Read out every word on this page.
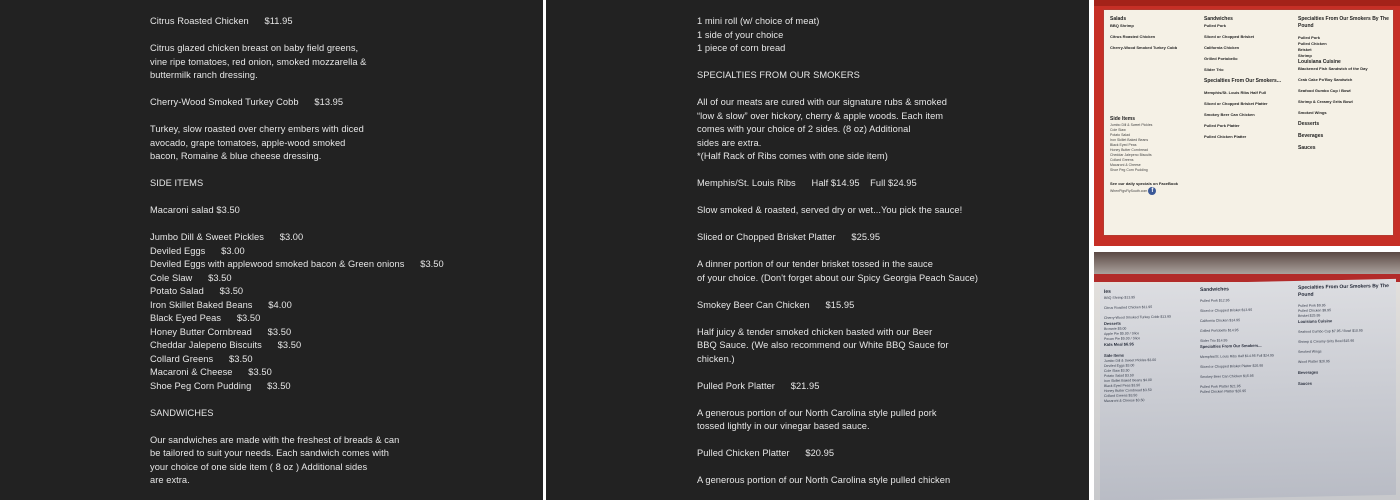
Citrus Roasted Chicken      $11.95
Citrus glazed chicken breast on baby field greens,
vine ripe tomatoes, red onion, smoked mozzarella &
buttermilk ranch dressing.
Cherry-Wood Smoked Turkey Cobb      $13.95
Turkey, slow roasted over cherry embers with diced
avocado, grape tomatoes, apple-wood smoked
bacon, Romaine & blue cheese dressing.
SIDE ITEMS
Macaroni salad $3.50
Jumbo Dill & Sweet Pickles      $3.00
Deviled Eggs      $3.00
Deviled Eggs with applewood smoked bacon & Green onions      $3.50
Cole Slaw      $3.50
Potato Salad      $3.50
Iron Skillet Baked Beans      $4.00
Black Eyed Peas      $3.50
Honey Butter Cornbread      $3.50
Cheddar Jalepeno Biscuits      $3.50
Collard Greens      $3.50
Macaroni & Cheese      $3.50
Shoe Peg Corn Pudding      $3.50
SANDWICHES
Our sandwiches are made with the freshest of breads & can
be tailored to suit your needs. Each sandwich comes with
your choice of one side item ( 8 oz ) Additional sides
are extra.
1 mini roll (w/ choice of meat)
1 side of your choice
1 piece of corn bread
SPECIALTIES FROM OUR SMOKERS
All of our meats are cured with our signature rubs & smoked
“low & slow” over hickory, cherry & apple woods. Each item
comes with your choice of 2 sides. (8 oz) Additional
sides are extra.
*(Half Rack of Ribs comes with one side item)
Memphis/St. Louis Ribs      Half $14.95    Full $24.95
Slow smoked & roasted, served dry or wet...You pick the sauce!
Sliced or Chopped Brisket Platter      $25.95
A dinner portion of our tender brisket tossed in the sauce
of your choice. (Don't forget about our Spicy Georgia Peach Sauce)
Smokey Beer Can Chicken      $15.95
Half juicy & tender smoked chicken basted with our Beer
BBQ Sauce. (We also recommend our White BBQ Sauce for
chicken.)
Pulled Pork Platter      $21.95
A generous portion of our North Carolina style pulled pork
tossed lightly in our vinegar based sauce.
Pulled Chicken Platter      $20.95
A generous portion of our North Carolina style pulled chicken
Salads
BBQ Shrimp

Citrus Roasted Chicken

Cherry-Wood Smoked Turkey Cobb

Side Items
Jumbo Dill & Sweet Pickles
Cole Slaw
Potato Salad
Iron Skillet Baked Beans
Black Eyed Peas
Honey Butter Cornbread
Cheddar Jalepeno Biscuits
Collard Greens
Macaroni & Cheese
Shoe Peg Corn Pudding
See our daily specials on FaceBook
WhenPigsFlySouth.com f
Sandwiches
Pulled Pork

Sliced or Chopped Brisket

California Chicken

Grilled Portobello

Slider Trio

Specialties From Our Smokers...

Memphis/St. Louis Ribs Half Full

Sliced or Chopped Brisket Platter

Smokey Beer Can Chicken

Pulled Pork Platter

Pulled Chicken Platter
Specialties From Our Smokers By The Pound

Pulled Pork
Pulled Chicken
Brisket
Shrimp
Louisiana Cuisine
Blackened Fish Sandwich of the Day

Crab Cake Po'Boy Sandwich

Seafood Gumbo Cup / Bowl

Shrimp & Creamy Grits Bowl

Smoked Wings

Desserts

Beverages

Sauces
Ies
BBQ Shrimp $13.95

Citrus Roasted Chicken $11.95

Cherry-Wood Smoked Turkey Cobb $13.95
Desserts
Brownie $5.00
Apple Pie $5.00 / Slice
Pecan Pie $5.00 / Slice
Kids Meal $6.95

Side Items
Jumbo Dill & Sweet Pickles $3.00
Deviled Eggs $3.00
Cole Slaw $3.50
Potato Salad $3.50
Iron Skillet Baked Beans $4.00
Black Eyed Peas $3.50
Honey Butter Cornbread $3.50
Collard Greens $3.50
Macaroni & Cheese $3.50
Sandwiches

Pulled Pork $12.95

Sliced or Chopped Brisket $13.95

California Chicken $14.95

Grilled Portobello $14.95

Slider Trio $14.95
Specialties From Our Smokers...

Memphis/St. Louis Ribs Half $14.95 Full $24.95

Sliced or Chopped Brisket Platter $25.95

Smokey Beer Can Chicken $15.95

Pulled Pork Platter $21.95
Pulled Chicken Platter $20.95
Specialties From Our Smokers By The Pound

Pulled Pork $9.95
Pulled Chicken $9.95
Brisket $25.95
Louisiana Cuisine

Seafood Gumbo Cup $7.95 / Bowl $10.95

Shrimp & Creamy Grits Bowl $15.95

Smoked Wings

Wood Platter $26.95

Beverages

Sauces
